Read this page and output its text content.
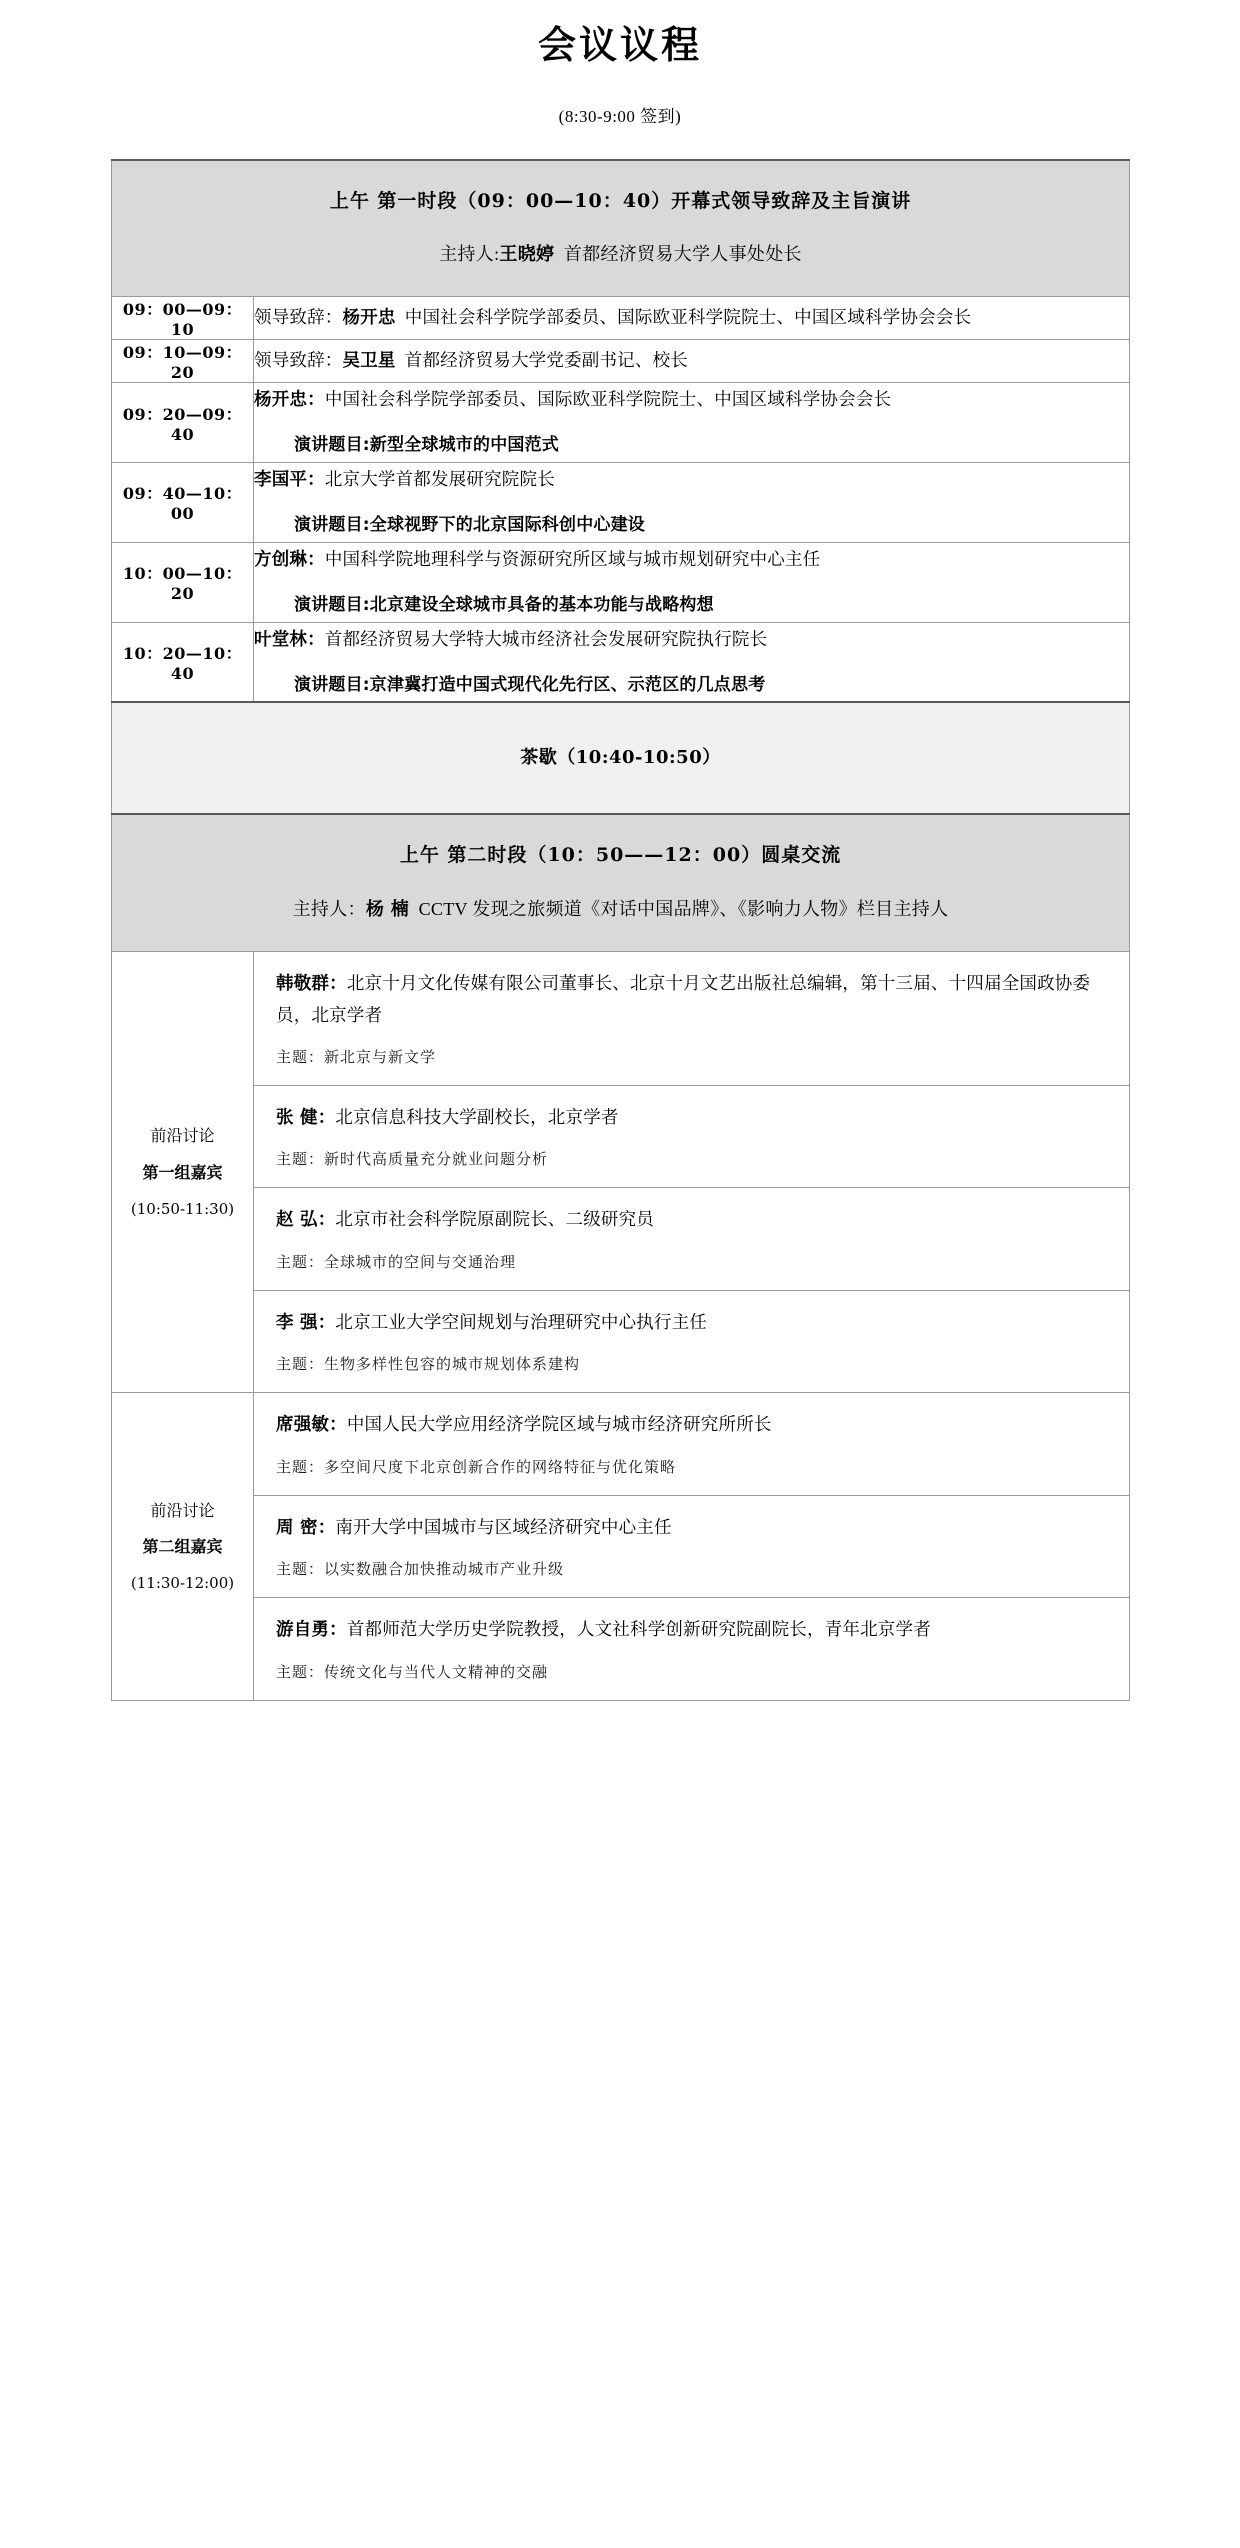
会议议程

(8:30-9:00 签到)

上午 第一时段（09：00—10：40）开幕式领导致辞及主旨演讲
主持人:王晓婷 首都经济贸易大学人事处处长

09：00—09：10	
领导致辞：杨开忠 中国社会科学院学部委员、国际欧亚科学院院士、中国区域科学协会会长

09：10—09：20	
领导致辞：吴卫星 首都经济贸易大学党委副书记、校长

09：20—09：40	
杨开忠：中国社会科学院学部委员、国际欧亚科学院院士、中国区域科学协会会长
演讲题目:新型全球城市的中国范式

09：40—10：00	
李国平：北京大学首都发展研究院院长
演讲题目:全球视野下的北京国际科创中心建设

10：00—10：20	
方创琳：中国科学院地理科学与资源研究所区域与城市规划研究中心主任
演讲题目:北京建设全球城市具备的基本功能与战略构想

10：20—10：40	
叶堂林：首都经济贸易大学特大城市经济社会发展研究院执行院长
演讲题目:京津冀打造中国式现代化先行区、示范区的几点思考

茶歇（10:40-10:50）

上午 第二时段（10：50——12：00）圆桌交流
主持人：杨 楠 CCTV 发现之旅频道《对话中国品牌》、《影响力人物》栏目主持人

前沿讨论
第一组嘉宾
(10:50-11:30)

韩敬群：北京十月文化传媒有限公司董事长、北京十月文艺出版社总编辑，第十三届、十四届全国政协委员，北京学者
主题：新北京与新文学

张 健：北京信息科技大学副校长，北京学者
主题：新时代高质量充分就业问题分析

赵 弘：北京市社会科学院原副院长、二级研究员
主题：全球城市的空间与交通治理

李 强：北京工业大学空间规划与治理研究中心执行主任
主题：生物多样性包容的城市规划体系建构

前沿讨论
第二组嘉宾
(11:30-12:00)

席强敏：中国人民大学应用经济学院区域与城市经济研究所所长
主题：多空间尺度下北京创新合作的网络特征与优化策略

周 密：南开大学中国城市与区域经济研究中心主任
主题：以实数融合加快推动城市产业升级

游自勇：首都师范大学历史学院教授，人文社科学创新研究院副院长，青年北京学者
主题：传统文化与当代人文精神的交融
